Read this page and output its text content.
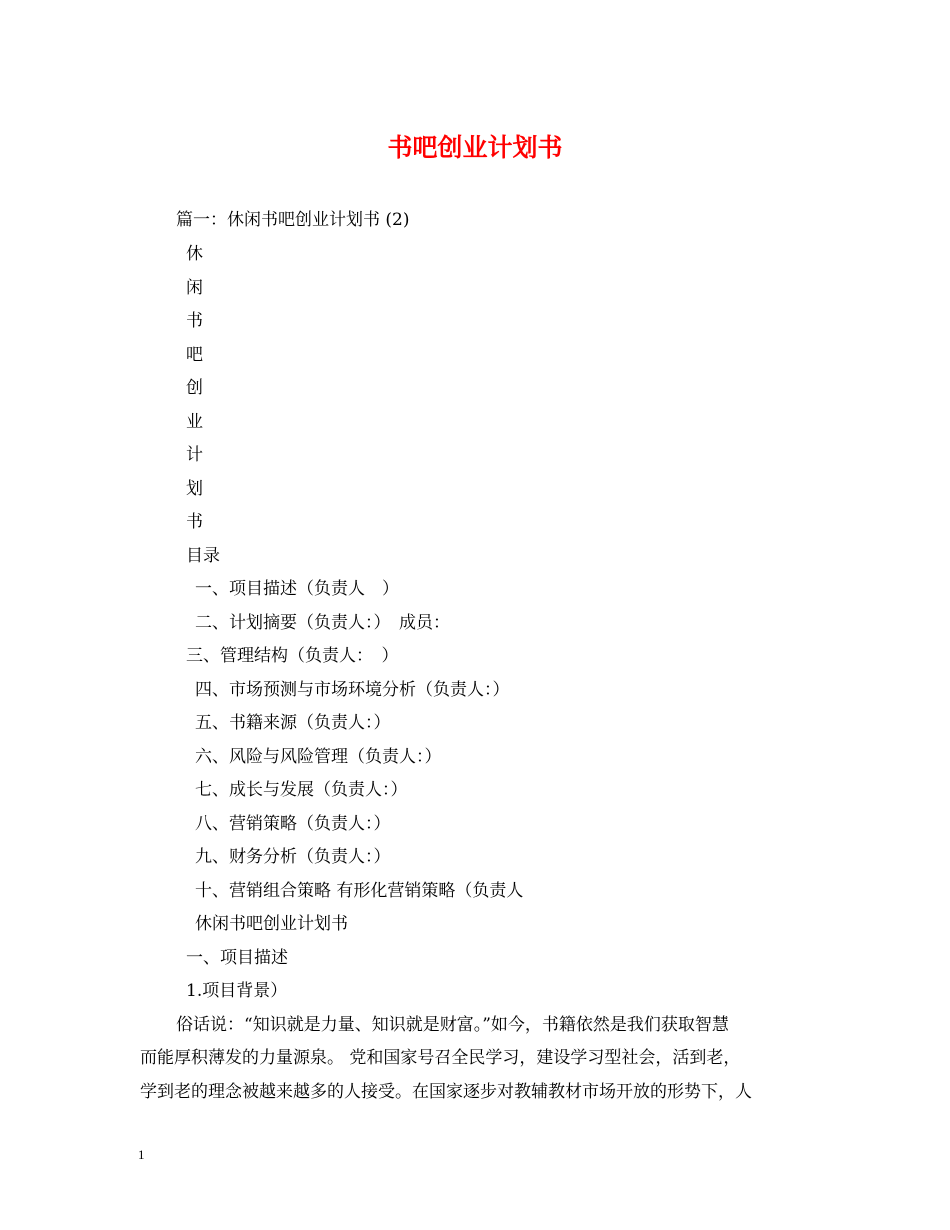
书吧创业计划书
篇一：休闲书吧创业计划书 (2)
休
闲
书
吧
创
业
计
划
书
目录
一、项目描述（负责人　）
二、计划摘要（负责人：）　成员：
三、管理结构（负责人：　）
四、市场预测与市场环境分析（负责人：）
五、书籍来源（负责人：）
六、风险与风险管理（负责人：）
七、成长与发展（负责人：）
八、营销策略（负责人：）
九、财务分析（负责人：）
十、营销组合策略 有形化营销策略（负责人
休闲书吧创业计划书
一、项目描述
1.项目背景）
俗话说：“知识就是力量、知识就是财富。”如今，书籍依然是我们获取智慧
而能厚积薄发的力量源泉。 党和国家号召全民学习，建设学习型社会，活到老，
学到老的理念被越来越多的人接受。在国家逐步对教辅教材市场开放的形势下，人
1
